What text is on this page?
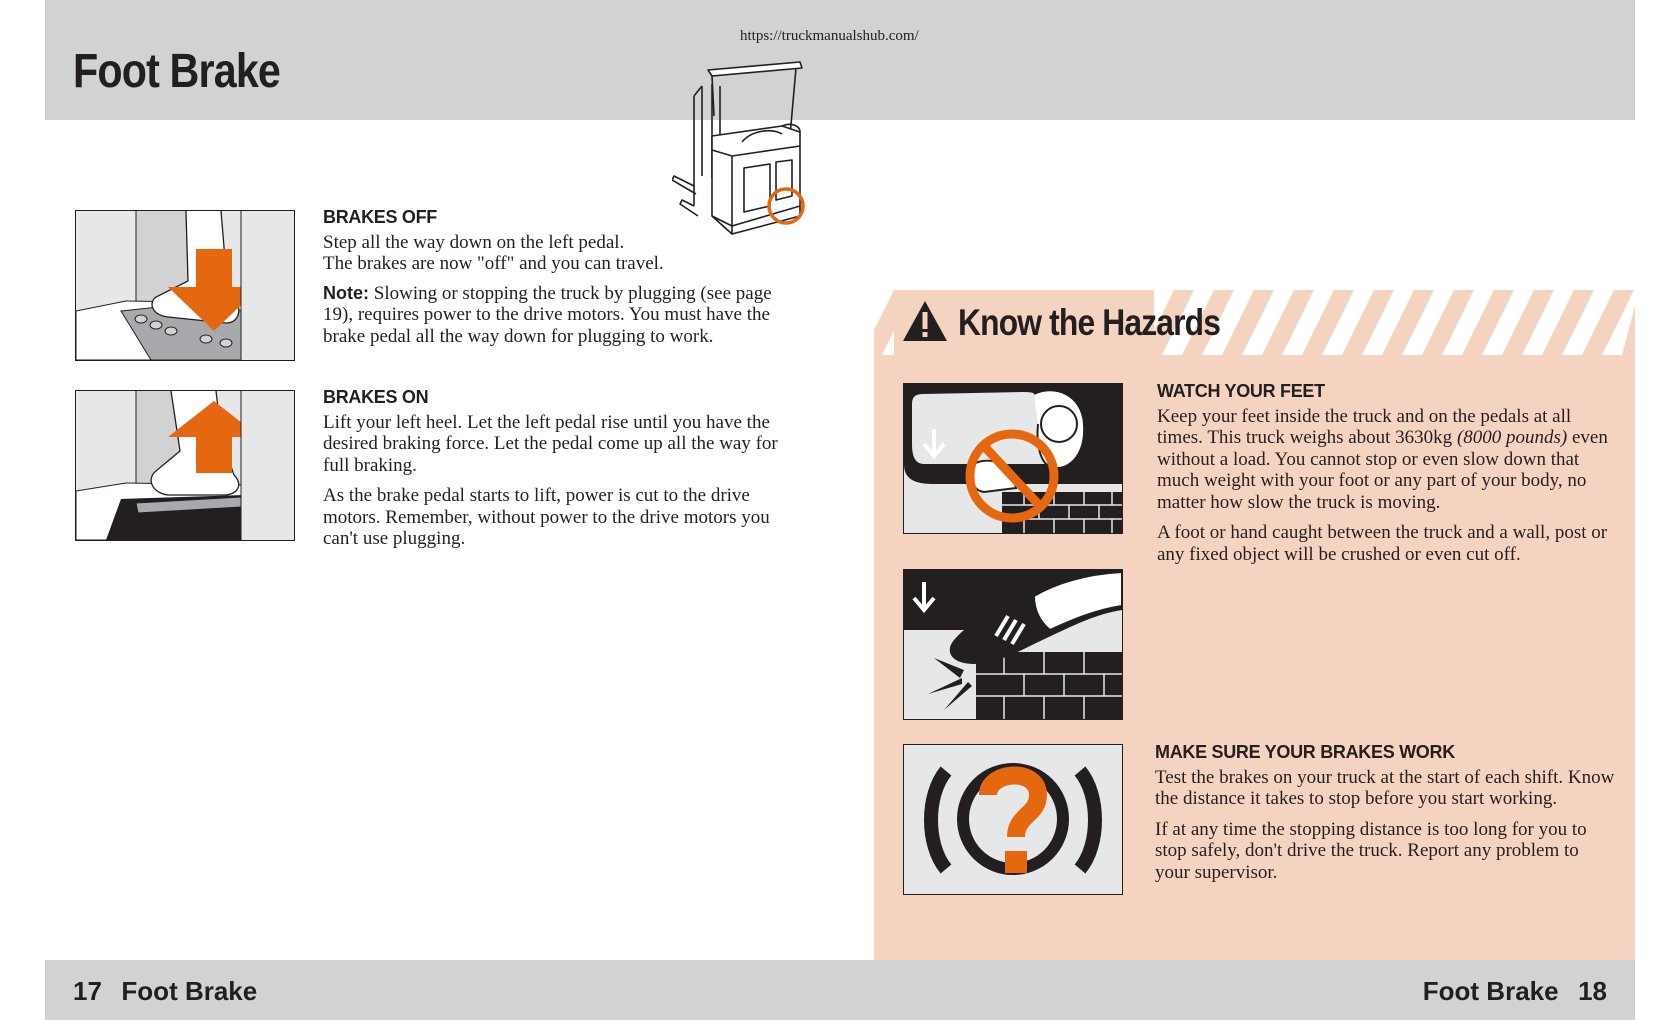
Foot Brake
https://truckmanualshub.com/
BRAKES OFF

Step all the way down on the left pedal.
The brakes are now "off" and you can travel.

Note: Slowing or stopping the truck by plugging (see page 19), requires power to the drive motors. You must have the brake pedal all the way down for plugging to work.

BRAKES ON

Lift your left heel. Let the left pedal rise until you have the desired braking force. Let the pedal come up all the way for full braking.

As the brake pedal starts to lift, power is cut to the drive motors. Remember, without power to the drive motors you can't use plugging.

Know the Hazards
WATCH YOUR FEET

Keep your feet inside the truck and on the pedals at all times. This truck weighs about 3630kg (8000 pounds) even without a load. You cannot stop or even slow down that much weight with your foot or any part of your body, no matter how slow the truck is moving.

A foot or hand caught between the truck and a wall, post or any fixed object will be crushed or even cut off.

MAKE SURE YOUR BRAKES WORK

Test the brakes on your truck at the start of each shift. Know the distance it takes to stop before you start working.

If at any time the stopping distance is too long for you to stop safely, don't drive the truck. Report any problem to your supervisor.

17 Foot Brake	Foot Brake 18
